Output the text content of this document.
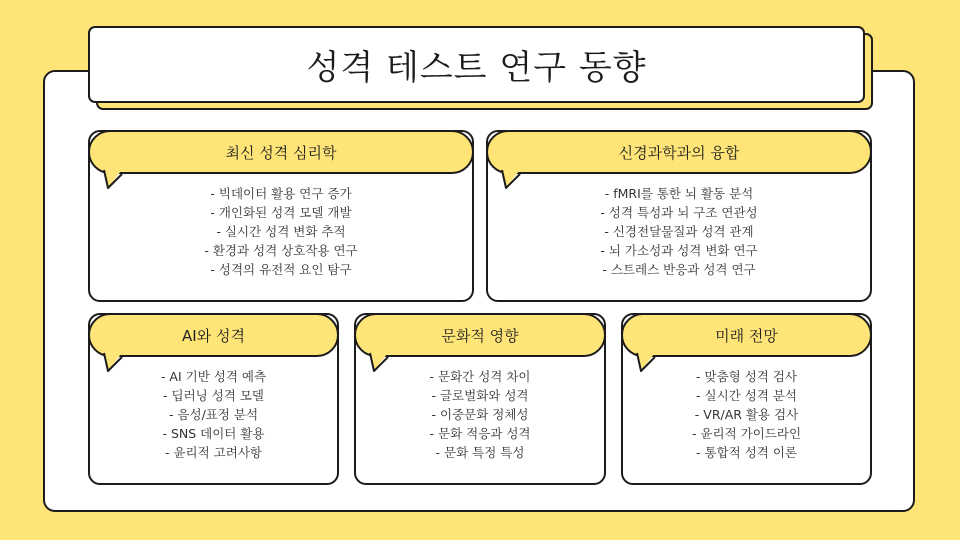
성격 테스트 연구 동향
최신 성격 심리학
- 빅데이터 활용 연구 증가
- 개인화된 성격 모델 개발
- 실시간 성격 변화 추적
- 환경과 성격 상호작용 연구
- 성격의 유전적 요인 탐구
신경과학과의 융합
- fMRI를 통한 뇌 활동 분석
- 성격 특성과 뇌 구조 연관성
- 신경전달물질과 성격 관계
- 뇌 가소성과 성격 변화 연구
- 스트레스 반응과 성격 연구
AI와 성격
- AI 기반 성격 예측
- 딥러닝 성격 모델
- 음성/표정 분석
- SNS 데이터 활용
- 윤리적 고려사항
문화적 영향
- 문화간 성격 차이
- 글로벌화와 성격
- 이중문화 정체성
- 문화 적응과 성격
- 문화 특정 특성
미래 전망
- 맞춤형 성격 검사
- 실시간 성격 분석
- VR/AR 활용 검사
- 윤리적 가이드라인
- 통합적 성격 이론
